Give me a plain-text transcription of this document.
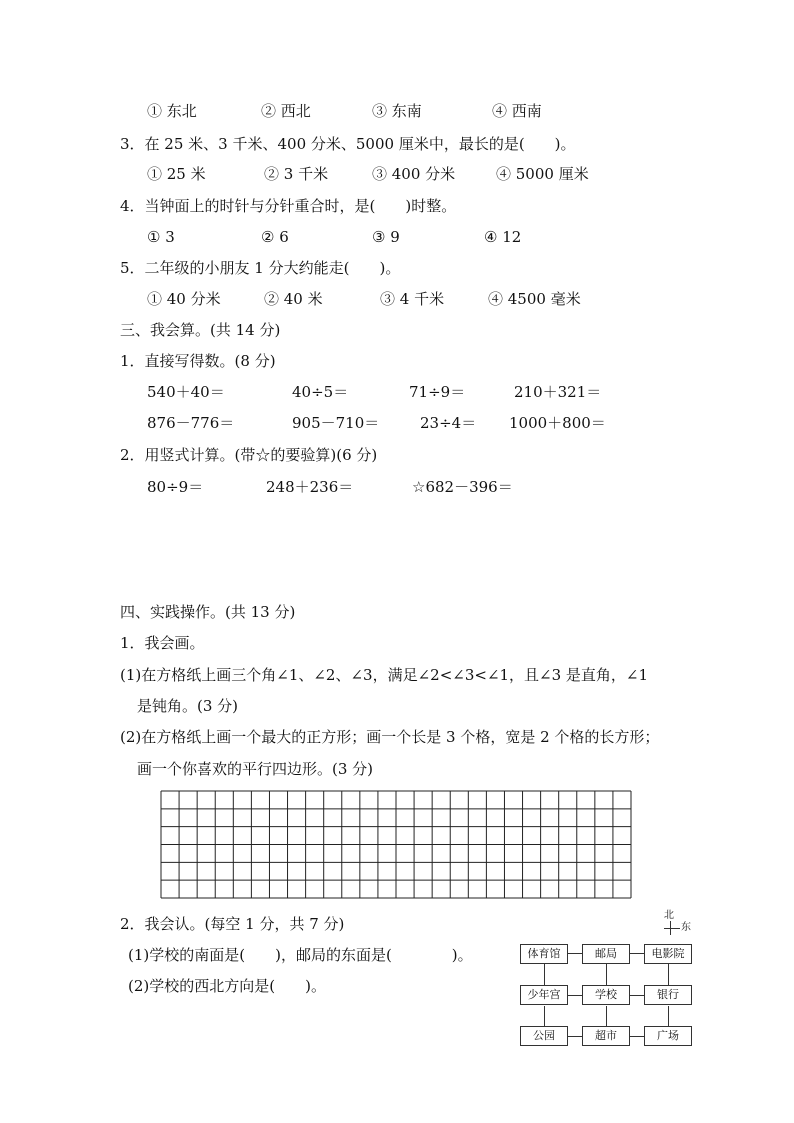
① 东北	② 西北	③ 东南	④ 西南
3．在 25 米、3 千米、400 分米、5000 厘米中，最长的是(　　)。
① 25 米	② 3 千米	③ 400 分米	④ 5000 厘米
4．当钟面上的时针与分针重合时，是(　　)时整。
① 3	② 6	③ 9	④ 12
5．二年级的小朋友 1 分大约能走(　　)。
① 40 分米	② 40 米	③ 4 千米	④ 4500 毫米
三、我会算。(共 14 分)
1．直接写得数。(8 分)
540＋40＝	40÷5＝	71÷9＝	210＋321＝
876－776＝	905－710＝	23÷4＝ 1000＋800＝
2．用竖式计算。(带☆的要验算)(6 分)
80÷9＝	248＋236＝	☆682－396＝
四、实践操作。(共 13 分)
1．我会画。
(1)在方格纸上画三个角∠1、∠2、∠3，满足∠2<∠3<∠1，且∠3 是直角，∠1
是钝角。(3 分)
(2)在方格纸上画一个最大的正方形；画一个长是 3 个格，宽是 2 个格的长方形；
画一个你喜欢的平行四边形。(3 分)
2．我会认。(每空 1 分，共 7 分)
(1)学校的南面是(　　)，邮局的东面是(　　　　)。
(2)学校的西北方向是(　　)。
北
东
体育馆	邮局	电影院
少年宫	学校	银行
公园	超市	广场
